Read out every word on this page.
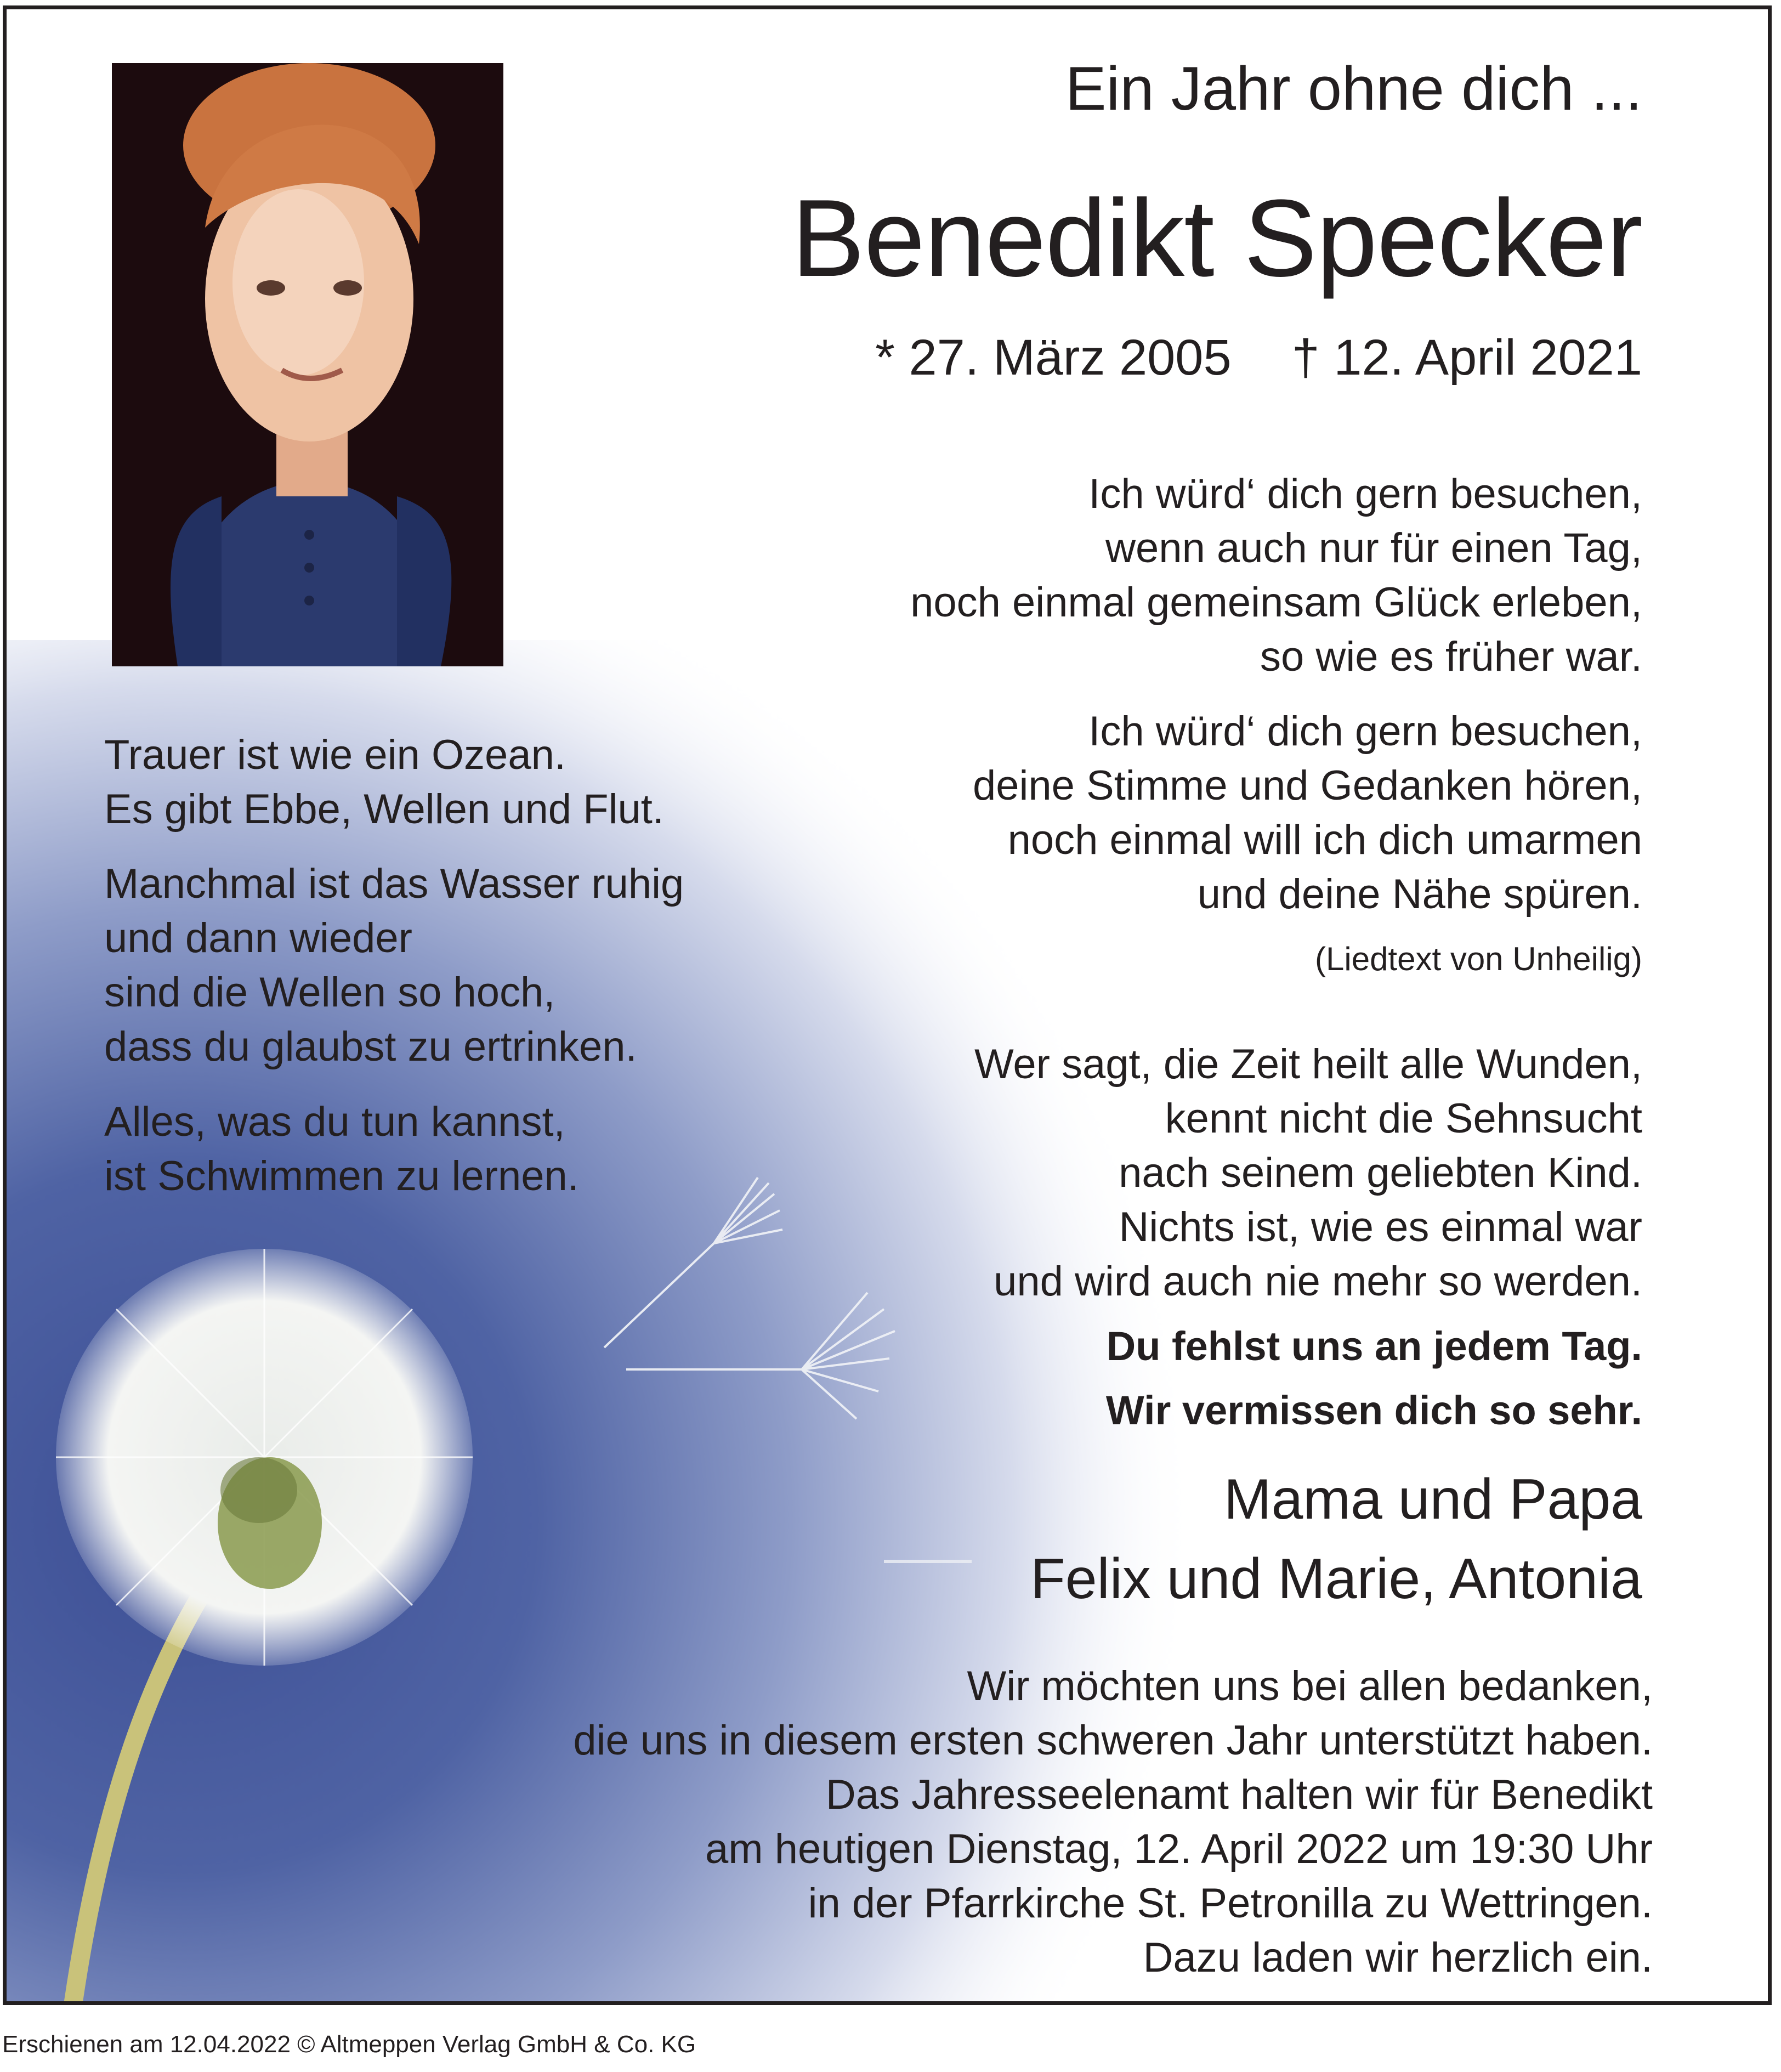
Ein Jahr ohne dich ...
Benedikt Specker
* 27. März 2005 † 12. April 2021
Ich würd‘ dich gern besuchen,
wenn auch nur für einen Tag,
noch einmal gemeinsam Glück erleben,
so wie es früher war.
Ich würd‘ dich gern besuchen,
deine Stimme und Gedanken hören,
noch einmal will ich dich umarmen
und deine Nähe spüren.
(Liedtext von Unheilig)
Trauer ist wie ein Ozean.
Es gibt Ebbe, Wellen und Flut.
Manchmal ist das Wasser ruhig
und dann wieder
sind die Wellen so hoch,
dass du glaubst zu ertrinken.
Alles, was du tun kannst,
ist Schwimmen zu lernen.
Wer sagt, die Zeit heilt alle Wunden,
kennt nicht die Sehnsucht
nach seinem geliebten Kind.
Nichts ist, wie es einmal war
und wird auch nie mehr so werden.
Du fehlst uns an jedem Tag.
Wir vermissen dich so sehr.
Mama und Papa
Felix und Marie, Antonia
Wir möchten uns bei allen bedanken,
die uns in diesem ersten schweren Jahr unterstützt haben.
Das Jahresseelenamt halten wir für Benedikt
am heutigen Dienstag, 12. April 2022 um 19:30 Uhr
in der Pfarrkirche St. Petronilla zu Wettringen.
Dazu laden wir herzlich ein.
Erschienen am 12.04.2022 © Altmeppen Verlag GmbH & Co. KG
